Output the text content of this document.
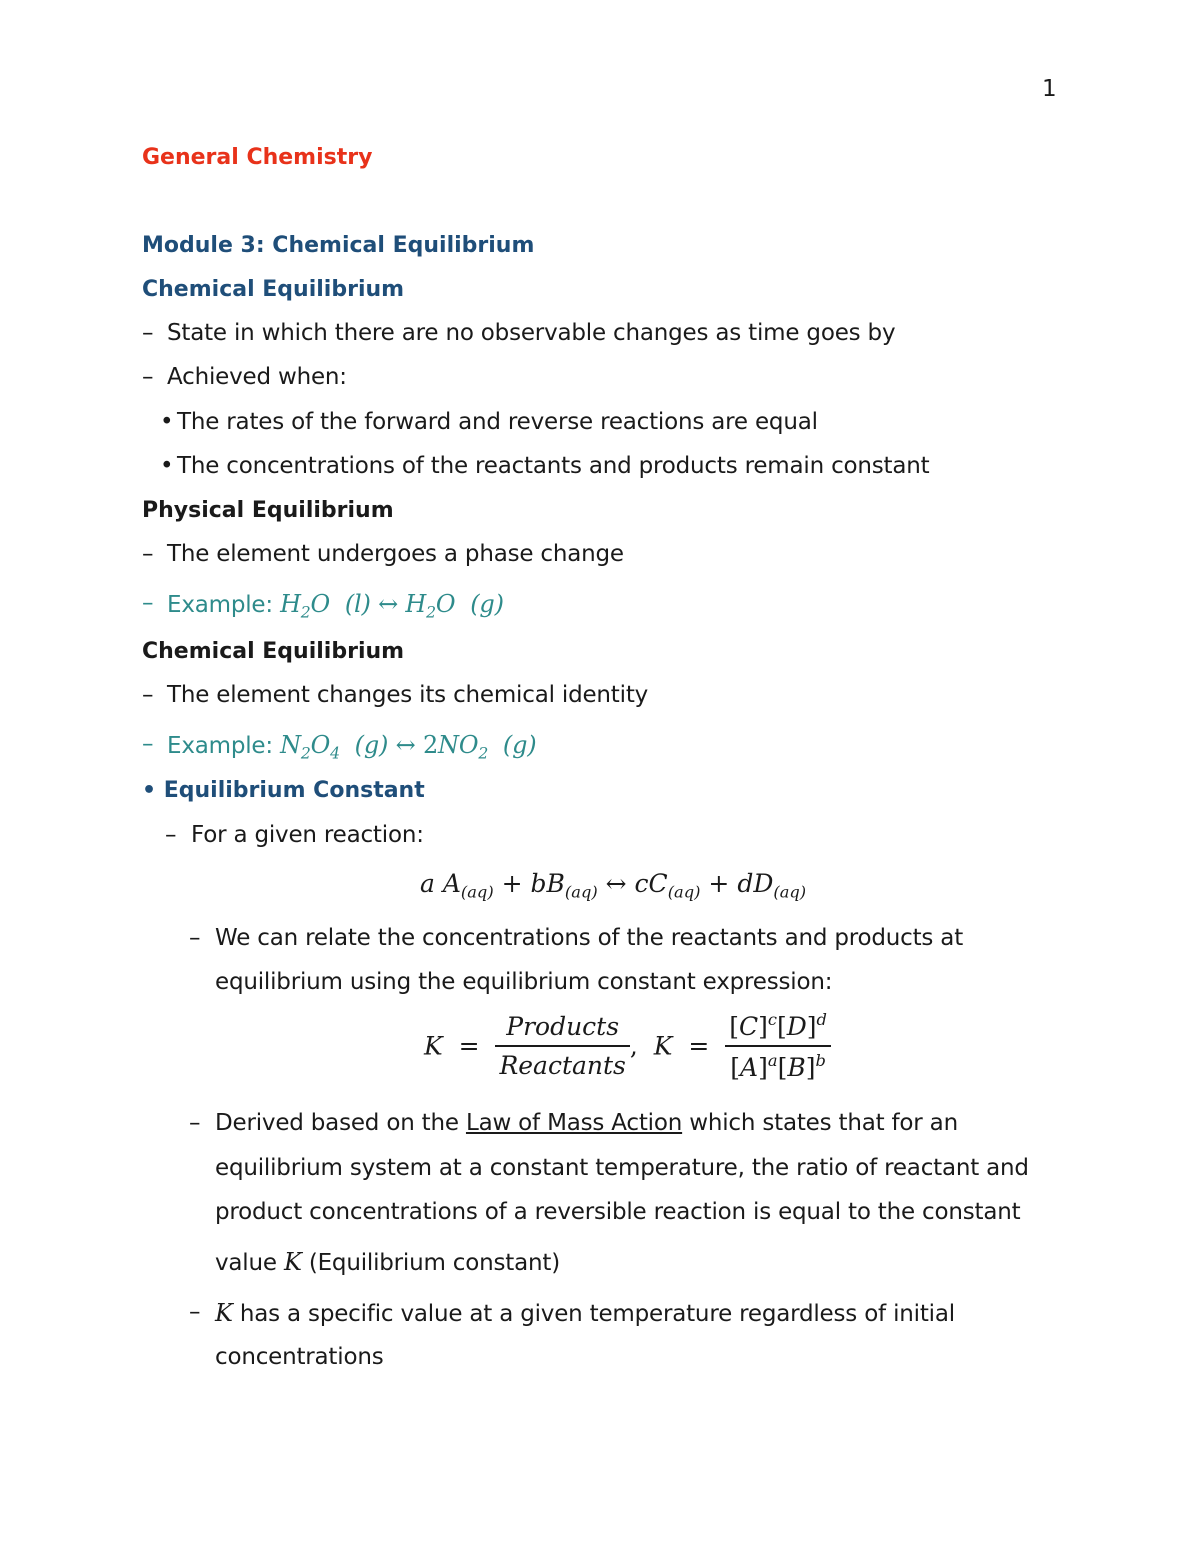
1
General Chemistry
Module 3: Chemical Equilibrium
Chemical Equilibrium
– State in which there are no observable changes as time goes by
– Achieved when:
• The rates of the forward and reverse reactions are equal
• The concentrations of the reactants and products remain constant
Physical Equilibrium
– The element undergoes a phase change
– Example: $H_2O$  (l) ↔ $H_2O$  (g)
Chemical Equilibrium
– The element changes its chemical identity
– Example: $N_2O_4$  (g) ↔ $2NO_2$  (g)
• Equilibrium Constant
– For a given reaction:
a $A_{(aq)} + bB_{(aq)}$ ↔ $cC_{(aq)} + dD_{(aq)}$
– We can relate the concentrations of the reactants and products at
equilibrium using the equilibrium constant expression:
$K = \frac{\text{Products}}{\text{Reactants}}$ ,  $K = \frac{[C]^c[D]^d}{[A]^a[B]^b}$
– Derived based on the Law of Mass Action which states that for an
equilibrium system at a constant temperature, the ratio of reactant and
product concentrations of a reversible reaction is equal to the constant
value K (Equilibrium constant)
– K has a specific value at a given temperature regardless of initial
concentrations
